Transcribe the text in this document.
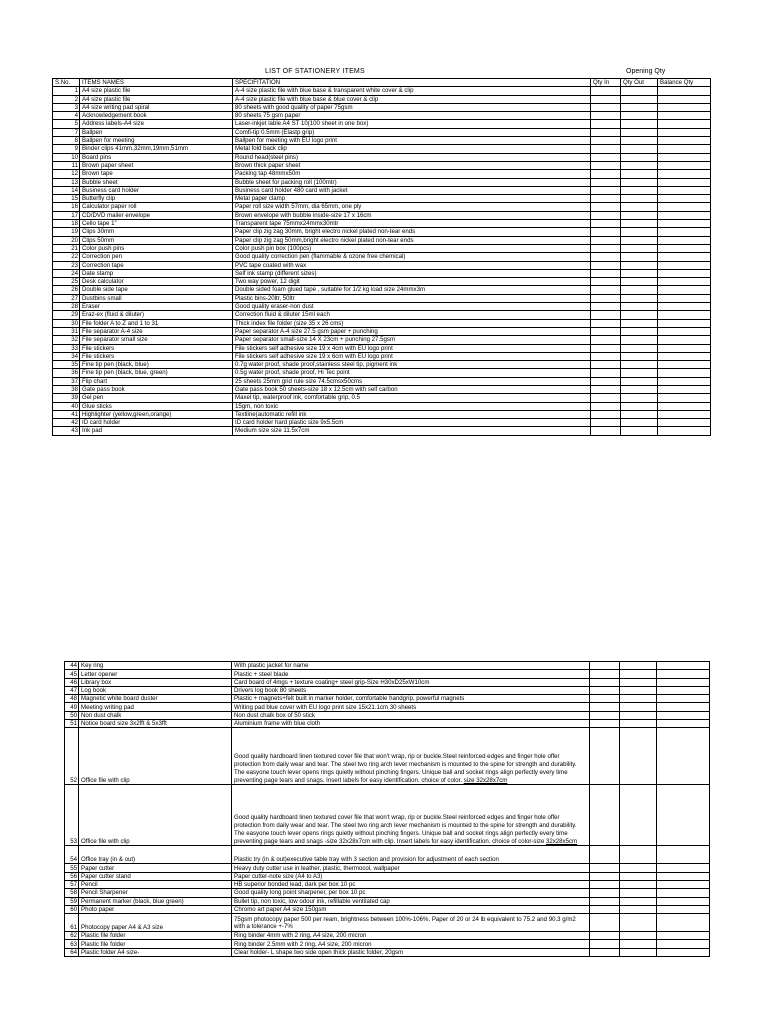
LIST OF STATIONERY ITEMS	Opening Qty
S.No.	ITEMS NAMES	SPECIFITATION	Qty In	Qty Out	Balance Qty
1	A4 size plastic file	A-4 size plastic file with blue base & transparent white cover & clip			
2	A4 size plastic file	A-4 size plastic file with blue base & blue cover & clip			
3	A4 size writing pad spiral	80 sheets with good quality of paper 75gsm			
4	Acknowledgement book	80 sheets 75 gsm paper			
5	Address labels-A4 size	Laser-inkjet lable A4 ST 10(100 sheet in one box)			
7	Ballpen	Comfi-tip 0.5mm (Elastp grip)			
8	Ballpen for meeting	Ballpen for meeting with EU logo print			
9	Binder clips 41mm,32mm,19mm,51mm	Metal fold back clip			
10	Board pins	Round head(steel pins)			
11	Brown paper sheet	Brown thick paper sheet			
12	Brown tape	Packing tap 48mmx50m			
13	Bubble sheet	Bubble sheet for packing roll (100mtr)			
14	Business card holder	Business card holder 480 card with jacket			
15	Butterfly clip	Metal paper clamp			
16	Calculator paper roll	Paper roll size width 57mm, dia 65mm, one ply			
17	CD/DVD mailer envelope	Brown envelope with bubble inside-size 17 x 16cm			
18	Cello tape 1"	Transparent tape 75mmx24mmx30mtr			
19	Clips 30mm	Paper clip zig zag 30mm, bright electro nickel plated non-tear ends			
20	Clips 50mm	Paper clip zig zag 50mm,bright electro nickel plated non-tear ends			
21	Color push pins	Color push pin box (100pcs)			
22	Correction pen	Good quality correction pen (flammable & ozone free chemical)			
23	Correction tape	PVC tape coated with wax			
24	Date stamp	Self ink stamp (different sizes)			
25	Desk calculator	Two way power, 12 digit			
26	Double side tape	Double sided foam glued tape , suitable for 1/2 kg load size 24mmx3m			
27	Dustbins small	Plastic bins-20ltr, 50ltr			
28	Eraser	Good quality eraser-non dust			
29	Eraz-ex (fluid & diluter)	Correction fluid & diluter 15ml each			
30	File folder A to Z and 1 to 31	Thick index file folder (size 35 x 26 cms)			
31	File separator A-4 size	Paper separator A-4 size 27.5 gsm paper + punching			
32	File separator small size	Paper separator small-size 14 X 23cm + punching 27.5gsm			
33	File stickers	File stickers self adhesive size 19 x 4cm with EU logo print			
34	File stickers	File stickers self adhesive size 19 x 6cm with EU logo print			
35	Fine tip pen (black, blue)	0.7g water proof, shade proof,stainless steel tip, pigment ink			
36	Fine tip pen (black, blue, green)	0.5g water proof, shade proof, Hi Tec point			
37	Flip chart	25 sheets 25mm grid rule size 74.5cmsx50cms			
38	Gate pass book	Gate pass book 50 sheets-size 18 x 12.5cm with self carbon			
39	Gel pen	Maxel tip, waterproof ink, comfortable grip, 0.5			
40	Glue sticks	15gm, non toxic			
41	Highlighter (yellow,green,orange)	Textline(automatic refill ink			
42	ID card holder	ID card holder hard plastic size 9x5.5cm			
43	Ink pad	Medium size size 11.5x7cm			
44	Key ring	With plastic jacket for name			
45	Letter opener	Plastic + steel blade			
46	Library box	Card board of 4mgs + texture coating+ steel grip-Size H30xD25xW10cm			
47	Log book	Drivers log book 80 sheets			
48	Magnetic white board duster	Plastic + magnets+felt built in marker holder, comfortable handgrip, powerful magnets			
49	Meeting writing pad	Writing pad blue cover with EU logo print size 15x21.1cm 30 sheets			
50	Non dust chalk	Non dust chalk box of 50 stick			
51	Notice board size 3x2fft & 5x3fft	Aluminium frame with blue cloth			
52	Office file with clip	Good quality hardboard linen textured cover file that won't wrap, rip or buckle.Steel reinforced edges and finger hole offer protection from daily wear and tear. The steel two ring arch lever mechanism is mounted to the spine for strength and durability. The easyone touch lever opens rings quietly without pinching fingers. Unique ball and socket rings align perfectly every time preventing page tears and snags. Insert labels for easy identification. choice of color. size 32x28x7cm			
53	Office file with clip	Good quality hardboard linen textured cover file that won't wrap, rip or buckle.Steel reinforced edges and finger hole offer protection from daily wear and tear. The steel two ring arch lever mechanism is mounted to the spine for strength and durability. The easyone touch lever opens rings quietly without pinching fingers. Unique ball and socket rings align perfectly every time preventing page tears and snags -size 32x28x7cm with clip. Insert labels for easy identification. choice of color-size 32x28x5cm			
54	Office tray (in & out)	Plastic try (in & out)executive table tray with 3 section and provision for adjustment of each section			
55	Paper cutter	Heavy duty cutter use in leather, plastic, thermocol, wallpaper			
56	Paper cutter stand	Paper cutter-note size (A4 to A3)			
57	Pencil	HB superior bonded lead, dark per box 10 pc			
58	Pencil Sharpener	Good quality long point sharpener, per box 10 pc			
59	Permanent marker (black, blue green)	Bullet tip, non toxic, low odour ink, refillable ventilated cap			
60	Photo paper	Chromo art paper A4 size 150gsm			
61	Photocopy paper A4 & A3 size	75gsm photocopy paper 500 per ream, brightness between 100%-106%. Paper of 20 or 24 lb equivalent to 75.2 and 90.3 g/m2 with a tolerance +-7%			
62	Plastic file folder	Ring binder 4mm with 2 ring, A4 size, 200 micron			
63	Plastic file folder	Ring binder 2.5mm with 2 ring, A4 size, 200 micron			
64	Plastic folder A4 size-	Clear holder- L shape two side open thick plastic folder, 20gsm			
